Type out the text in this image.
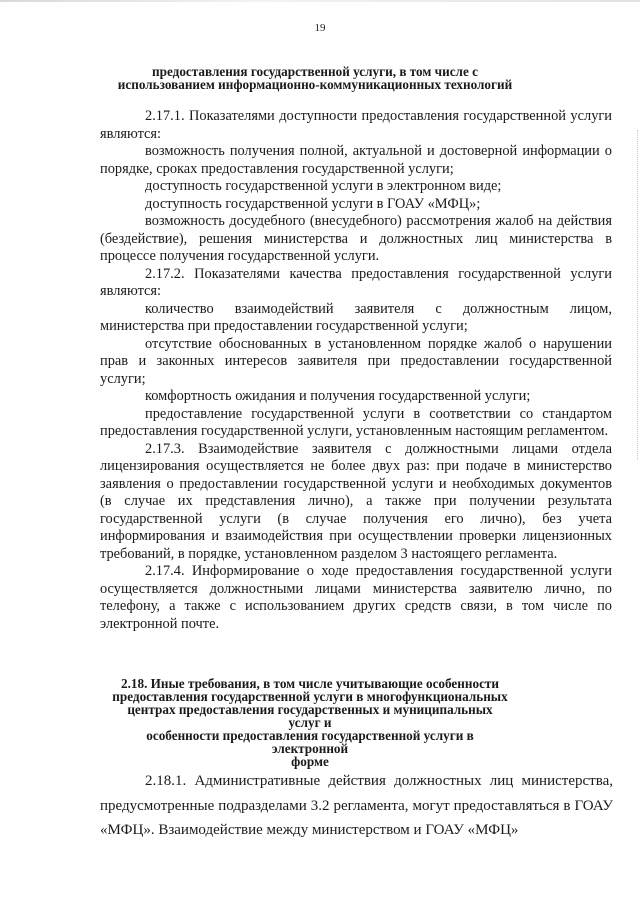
19
предоставления государственной услуги, в том числе с
использованием информационно-коммуникационных технологий

2.17.1. Показателями доступности предоставления государственной услуги являются:

возможность получения полной, актуальной и достоверной информации о порядке, сроках предоставления государственной услуги;

доступность государственной услуги в электронном виде;

доступность государственной услуги в ГОАУ «МФЦ»;

возможность досудебного (внесудебного) рассмотрения жалоб на действия (бездействие), решения министерства и должностных лиц министерства в процессе получения государственной услуги.

2.17.2. Показателями качества предоставления государственной услуги являются:

количество взаимодействий заявителя с должностным лицом, министерства при предоставлении государственной услуги;

отсутствие обоснованных в установленном порядке жалоб о нарушении прав и законных интересов заявителя при предоставлении государственной услуги;

комфортность ожидания и получения государственной услуги;

предоставление государственной услуги в соответствии со стандартом предоставления государственной услуги, установленным настоящим регламентом.

2.17.3. Взаимодействие заявителя с должностными лицами отдела лицензирования осуществляется не более двух раз: при подаче в министерство заявления о предоставлении государственной услуги и необходимых документов (в случае их представления лично), а также при получении результата государственной услуги (в случае получения его лично), без учета информирования и взаимодействия при осуществлении проверки лицензионных требований, в порядке, установленном разделом 3 настоящего регламента.

2.17.4. Информирование о ходе предоставления государственной услуги осуществляется должностными лицами министерства заявителю лично, по телефону, а также с использованием других средств связи, в том числе по электронной почте.

2.18. Иные требования, в том числе учитывающие особенности
предоставления государственной услуги в многофункциональных
центрах предоставления государственных и муниципальных услуг и
особенности предоставления государственной услуги в электронной
форме

2.18.1. Административные действия должностных лиц министерства, предусмотренные подразделами 3.2 регламента, могут предоставляться в ГОАУ «МФЦ». Взаимодействие между министерством и ГОАУ «МФЦ»
